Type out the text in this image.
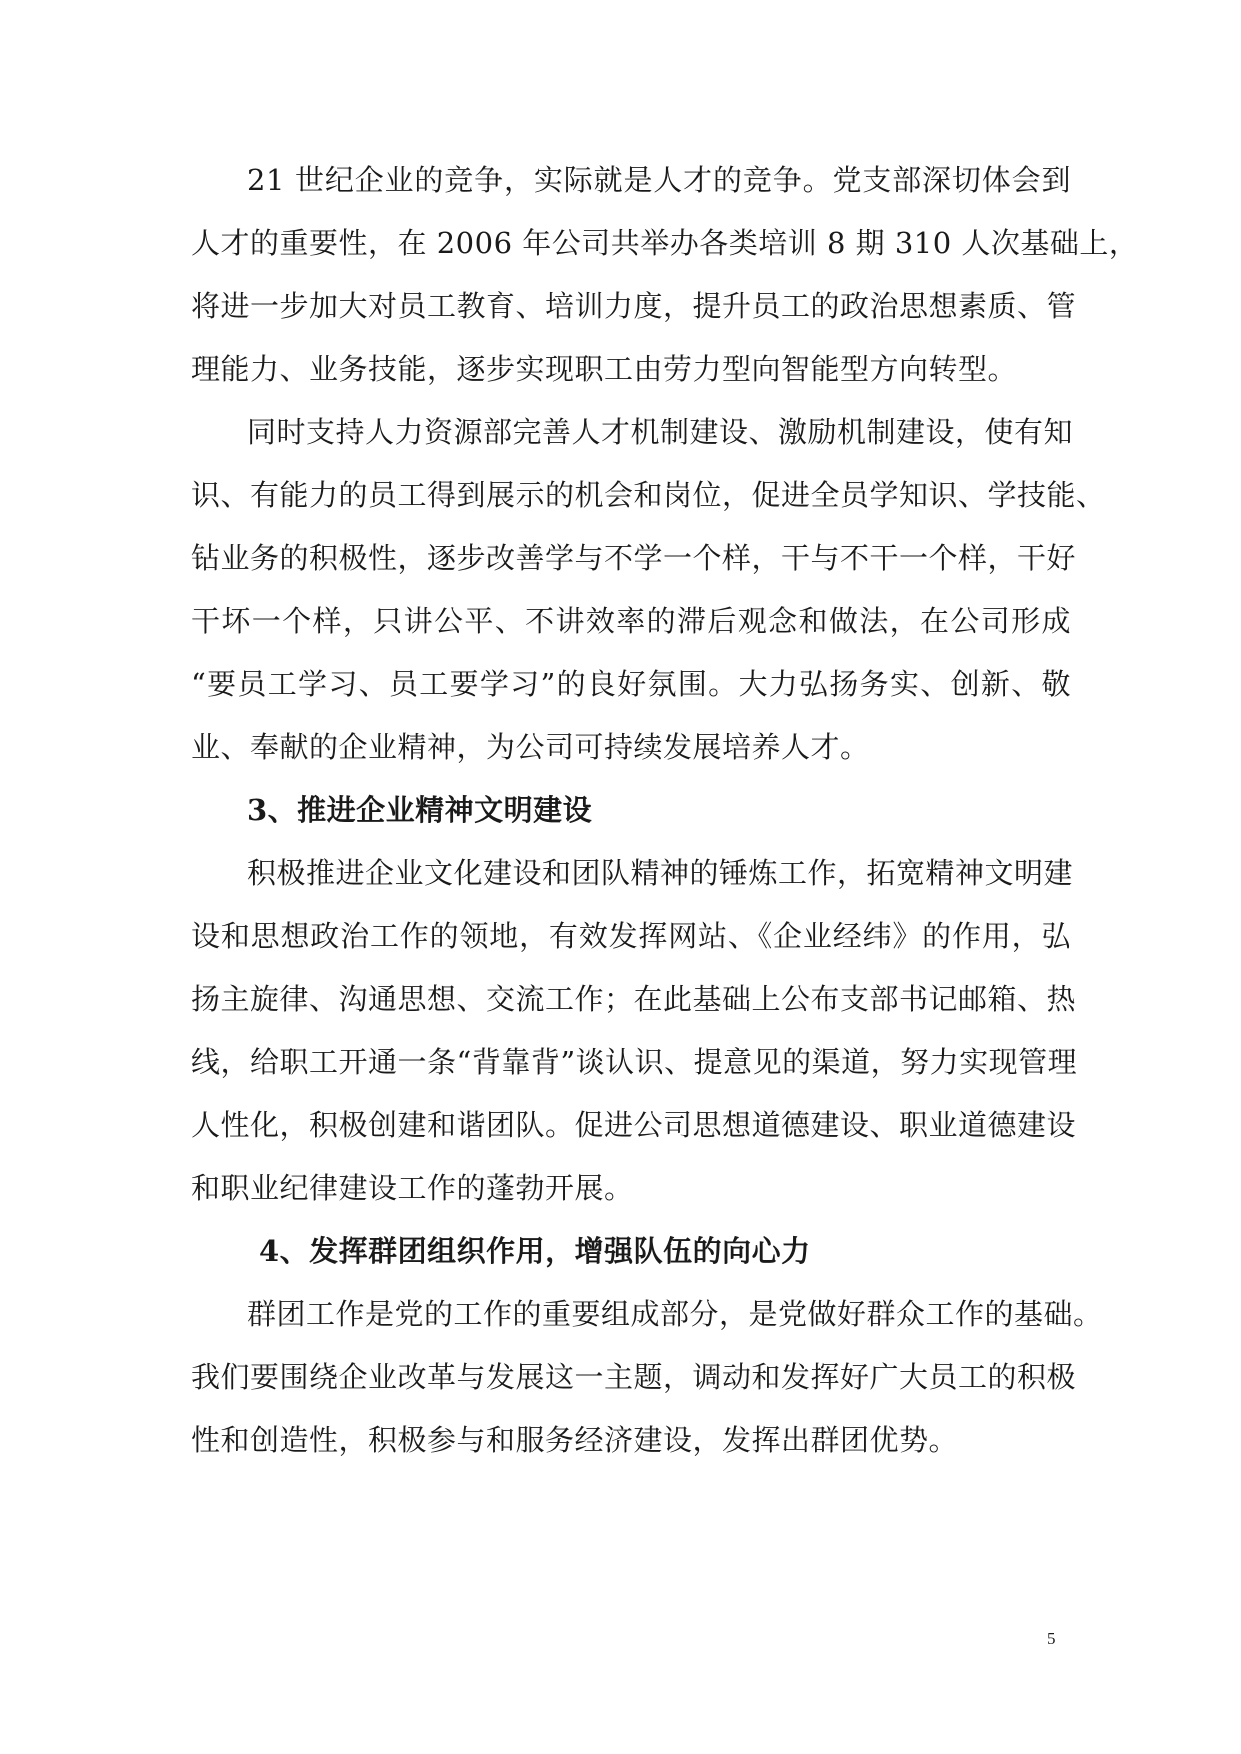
21 世纪企业的竞争，实际就是人才的竞争。党支部深切体会到
人才的重要性，在 2006 年公司共举办各类培训 8 期 310 人次基础上，
将进一步加大对员工教育、培训力度，提升员工的政治思想素质、管
理能力、业务技能，逐步实现职工由劳力型向智能型方向转型。
同时支持人力资源部完善人才机制建设、激励机制建设，使有知
识、有能力的员工得到展示的机会和岗位，促进全员学知识、学技能、
钻业务的积极性，逐步改善学与不学一个样，干与不干一个样，干好
干坏一个样，只讲公平、不讲效率的滞后观念和做法，在公司形成
“要员工学习、员工要学习”的良好氛围。大力弘扬务实、创新、敬
业、奉献的企业精神，为公司可持续发展培养人才。
3、推进企业精神文明建设
积极推进企业文化建设和团队精神的锤炼工作，拓宽精神文明建
设和思想政治工作的领地，有效发挥网站、《企业经纬》的作用，弘
扬主旋律、沟通思想、交流工作；在此基础上公布支部书记邮箱、热
线，给职工开通一条“背靠背”谈认识、提意见的渠道，努力实现管理
人性化，积极创建和谐团队。促进公司思想道德建设、职业道德建设
和职业纪律建设工作的蓬勃开展。
4、发挥群团组织作用，增强队伍的向心力
群团工作是党的工作的重要组成部分，是党做好群众工作的基础。
我们要围绕企业改革与发展这一主题，调动和发挥好广大员工的积极
性和创造性，积极参与和服务经济建设，发挥出群团优势。
5
